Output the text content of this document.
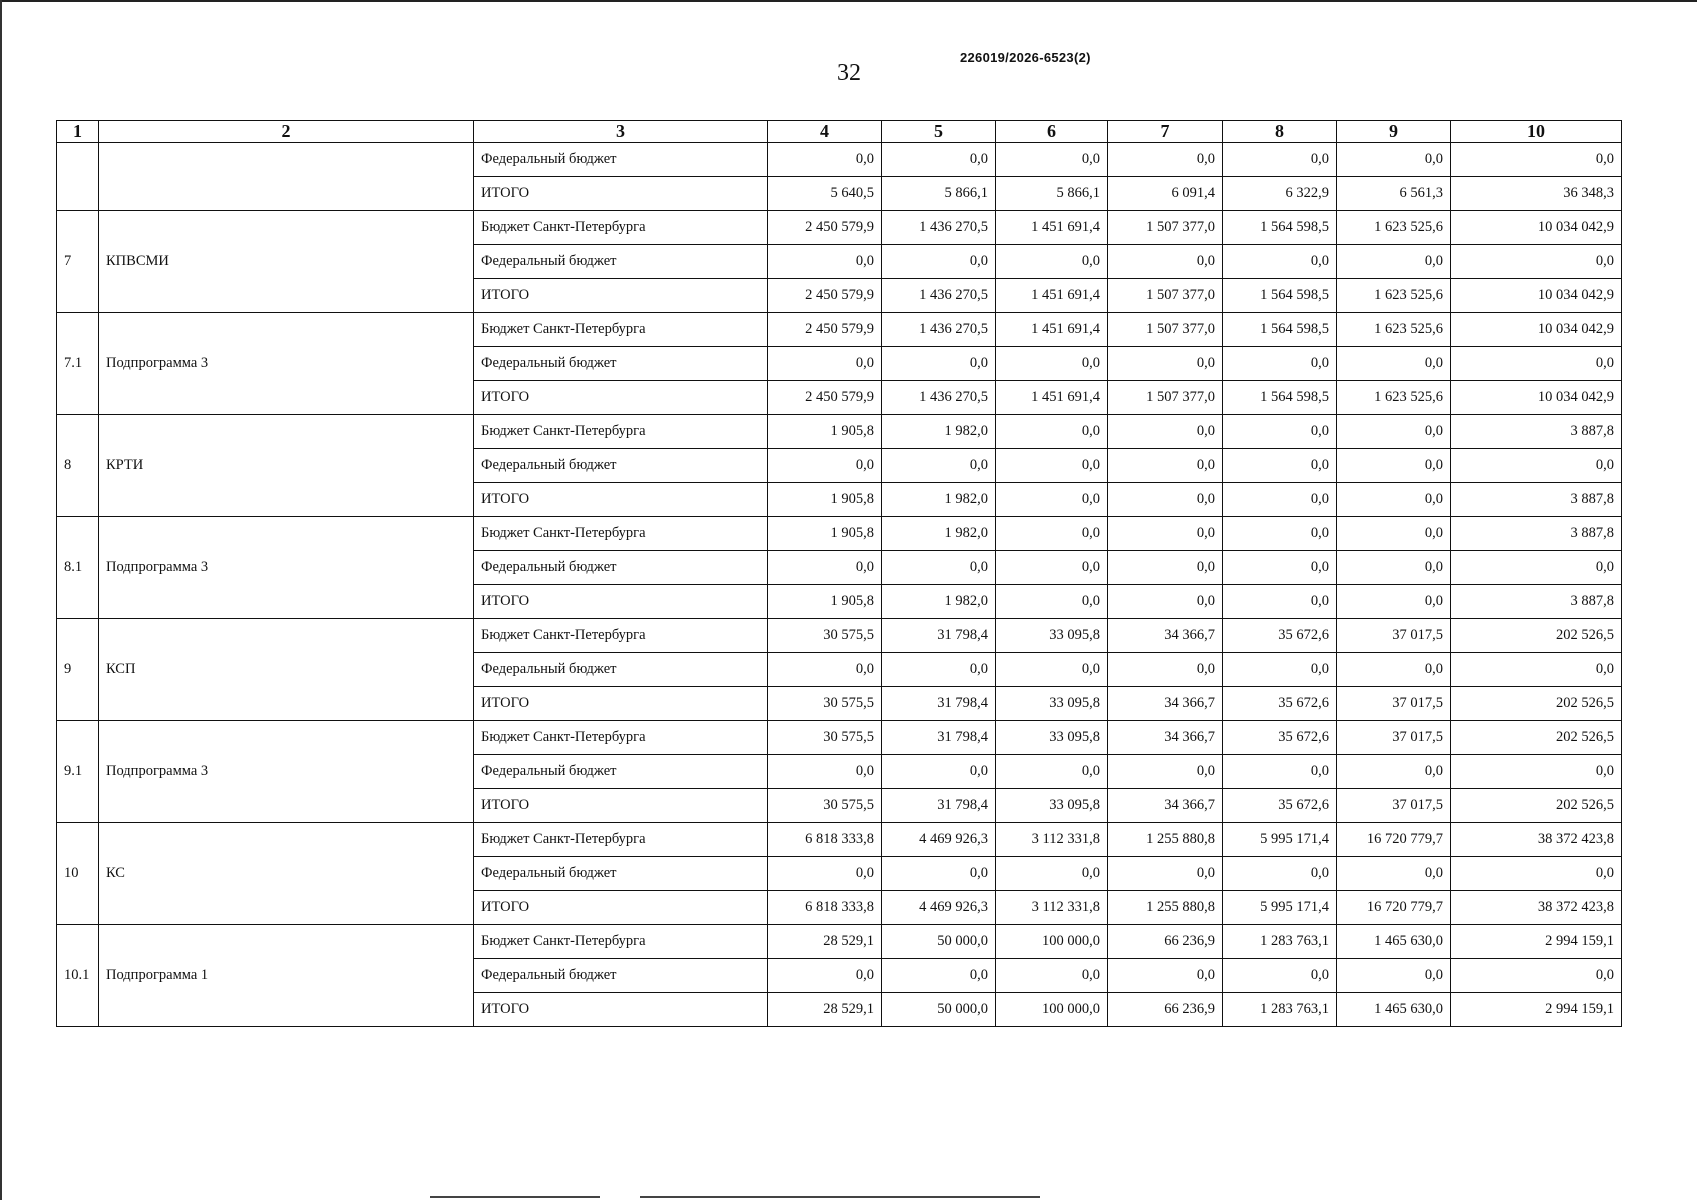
32
226019/2026-6523(2)
1	2	3	4	5	6	7	8	9	10
		Федеральный бюджет	0,0	0,0	0,0	0,0	0,0	0,0	0,0
		ИТОГО	5 640,5	5 866,1	5 866,1	6 091,4	6 322,9	6 561,3	36 348,3
7	КПВСМИ	Бюджет Санкт-Петербурга	2 450 579,9	1 436 270,5	1 451 691,4	1 507 377,0	1 564 598,5	1 623 525,6	10 034 042,9
		Федеральный бюджет	0,0	0,0	0,0	0,0	0,0	0,0	0,0
		ИТОГО	2 450 579,9	1 436 270,5	1 451 691,4	1 507 377,0	1 564 598,5	1 623 525,6	10 034 042,9
7.1	Подпрограмма 3	Бюджет Санкт-Петербурга	2 450 579,9	1 436 270,5	1 451 691,4	1 507 377,0	1 564 598,5	1 623 525,6	10 034 042,9
		Федеральный бюджет	0,0	0,0	0,0	0,0	0,0	0,0	0,0
		ИТОГО	2 450 579,9	1 436 270,5	1 451 691,4	1 507 377,0	1 564 598,5	1 623 525,6	10 034 042,9
8	КРТИ	Бюджет Санкт-Петербурга	1 905,8	1 982,0	0,0	0,0	0,0	0,0	3 887,8
		Федеральный бюджет	0,0	0,0	0,0	0,0	0,0	0,0	0,0
		ИТОГО	1 905,8	1 982,0	0,0	0,0	0,0	0,0	3 887,8
8.1	Подпрограмма 3	Бюджет Санкт-Петербурга	1 905,8	1 982,0	0,0	0,0	0,0	0,0	3 887,8
		Федеральный бюджет	0,0	0,0	0,0	0,0	0,0	0,0	0,0
		ИТОГО	1 905,8	1 982,0	0,0	0,0	0,0	0,0	3 887,8
9	КСП	Бюджет Санкт-Петербурга	30 575,5	31 798,4	33 095,8	34 366,7	35 672,6	37 017,5	202 526,5
		Федеральный бюджет	0,0	0,0	0,0	0,0	0,0	0,0	0,0
		ИТОГО	30 575,5	31 798,4	33 095,8	34 366,7	35 672,6	37 017,5	202 526,5
9.1	Подпрограмма 3	Бюджет Санкт-Петербурга	30 575,5	31 798,4	33 095,8	34 366,7	35 672,6	37 017,5	202 526,5
		Федеральный бюджет	0,0	0,0	0,0	0,0	0,0	0,0	0,0
		ИТОГО	30 575,5	31 798,4	33 095,8	34 366,7	35 672,6	37 017,5	202 526,5
10	КС	Бюджет Санкт-Петербурга	6 818 333,8	4 469 926,3	3 112 331,8	1 255 880,8	5 995 171,4	16 720 779,7	38 372 423,8
		Федеральный бюджет	0,0	0,0	0,0	0,0	0,0	0,0	0,0
		ИТОГО	6 818 333,8	4 469 926,3	3 112 331,8	1 255 880,8	5 995 171,4	16 720 779,7	38 372 423,8
10.1	Подпрограмма 1	Бюджет Санкт-Петербурга	28 529,1	50 000,0	100 000,0	66 236,9	1 283 763,1	1 465 630,0	2 994 159,1
		Федеральный бюджет	0,0	0,0	0,0	0,0	0,0	0,0	0,0
		ИТОГО	28 529,1	50 000,0	100 000,0	66 236,9	1 283 763,1	1 465 630,0	2 994 159,1
